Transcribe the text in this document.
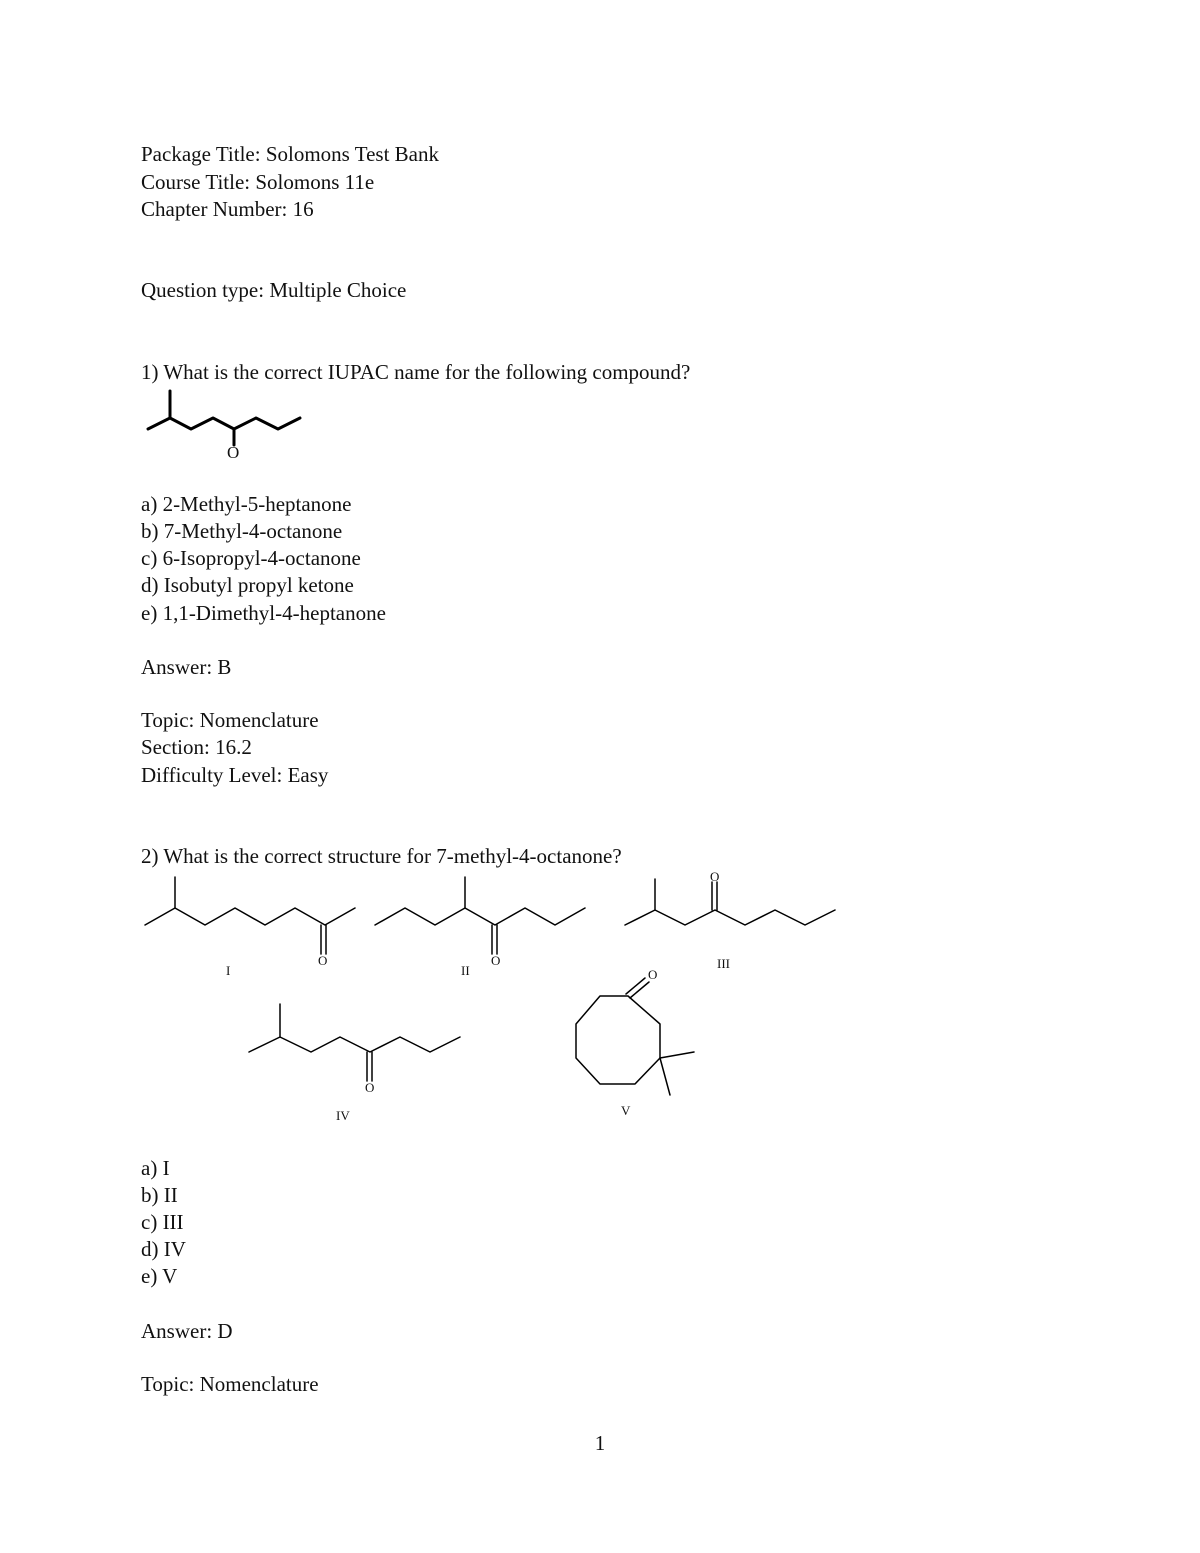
Package Title: Solomons Test Bank
Course Title: Solomons 11e
Chapter Number: 16
Question type: Multiple Choice
1) What is the correct IUPAC name for the following compound?
O
a) 2-Methyl-5-heptanone
b) 7-Methyl-4-octanone
c) 6-Isopropyl-4-octanone
d) Isobutyl propyl ketone
e) 1,1-Dimethyl-4-heptanone
Answer: B
Topic: Nomenclature
Section: 16.2
Difficulty Level: Easy
2) What is the correct structure for 7-methyl-4-octanone?
O	O
O
O
O
I	II	III
IV	V
a) I
b) II
c) III
d) IV
e) V
Answer: D
Topic: Nomenclature
1
